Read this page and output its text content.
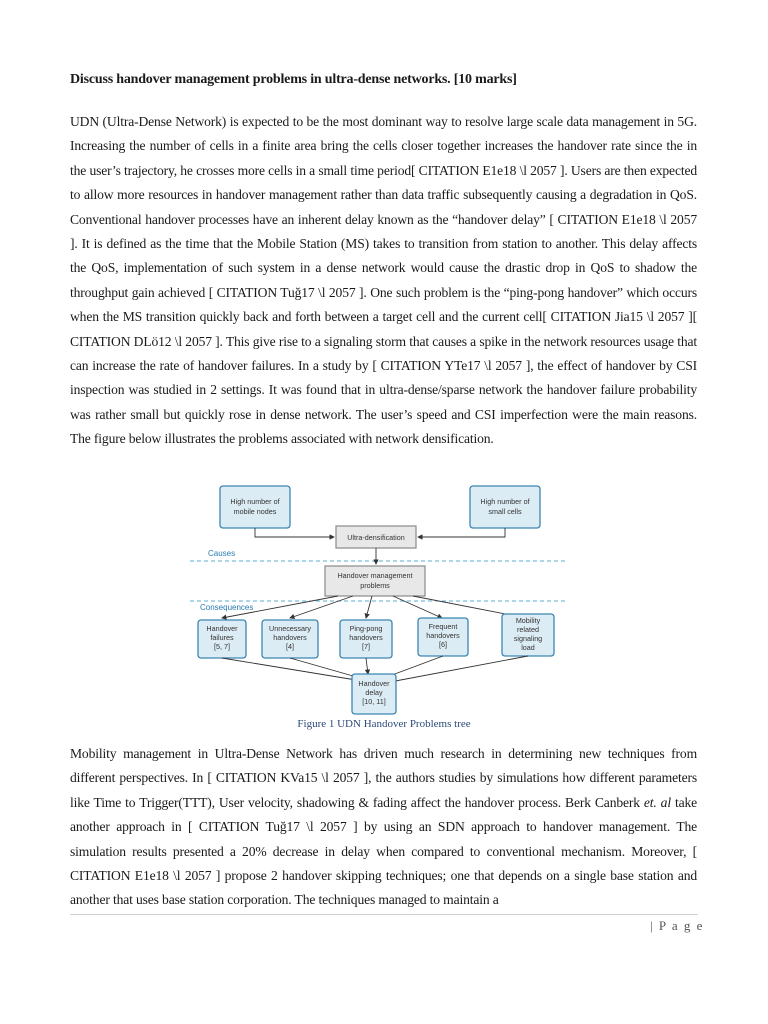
Discuss handover management problems in ultra-dense networks. [10 marks]

UDN (Ultra-Dense Network) is expected to be the most dominant way to resolve large scale data management in 5G. Increasing the number of cells in a finite area bring the cells closer together increases the handover rate since the in the user’s trajectory, he crosses more cells in a small time period[ CITATION E1e18 \l 2057 ]. Users are then expected to allow more resources in handover management rather than data traffic subsequently causing a degradation in QoS. Conventional handover processes have an inherent delay known as the “handover delay” [ CITATION E1e18 \l 2057 ]. It is defined as the time that the Mobile Station (MS) takes to transition from station to another. This delay affects the QoS, implementation of such system in a dense network would cause the drastic drop in QoS to shadow the throughput gain achieved [ CITATION Tuğ17 \l 2057 ]. One such problem is the “ping-pong handover” which occurs when the MS transition quickly back and forth between a target cell and the current cell[ CITATION Jia15 \l 2057 ][ CITATION DLö12 \l 2057 ]. This give rise to a signaling storm that causes a spike in the network resources usage that can increase the rate of handover failures. In a study by [ CITATION YTe17 \l 2057 ], the effect of handover by CSI inspection was studied in 2 settings. It was found that in ultra-dense/sparse network the handover failure probability was rather small but quickly rose in dense network. The user’s speed and CSI imperfection were the main reasons. The figure below illustrates the problems associated with network densification.

High number of
mobile nodes
High number of
small cells
Ultra-densification
Causes
Handover management
problems
Consequences
Handover
failures
[5, 7]
Unnecessary
handovers
[4]
Ping-pong
handovers
[7]
Frequent
handovers
[6]
Mobility
related
signaling
load
Handover
delay
[10, 11]
Figure 1 UDN Handover Problems tree

Mobility management in Ultra-Dense Network has driven much research in determining new techniques from different perspectives. In [ CITATION KVa15 \l 2057 ], the authors studies by simulations how different parameters like Time to Trigger(TTT), User velocity, shadowing & fading affect the handover process. Berk Canberk et. al take another approach in [ CITATION Tuğ17 \l 2057 ] by using an SDN approach to handover management. The simulation results presented a 20% decrease in delay when compared to conventional mechanism. Moreover, [ CITATION E1e18 \l 2057 ] propose 2 handover skipping techniques; one that depends on a single base station and another that uses base station corporation. The techniques managed to maintain a

| P a g e
